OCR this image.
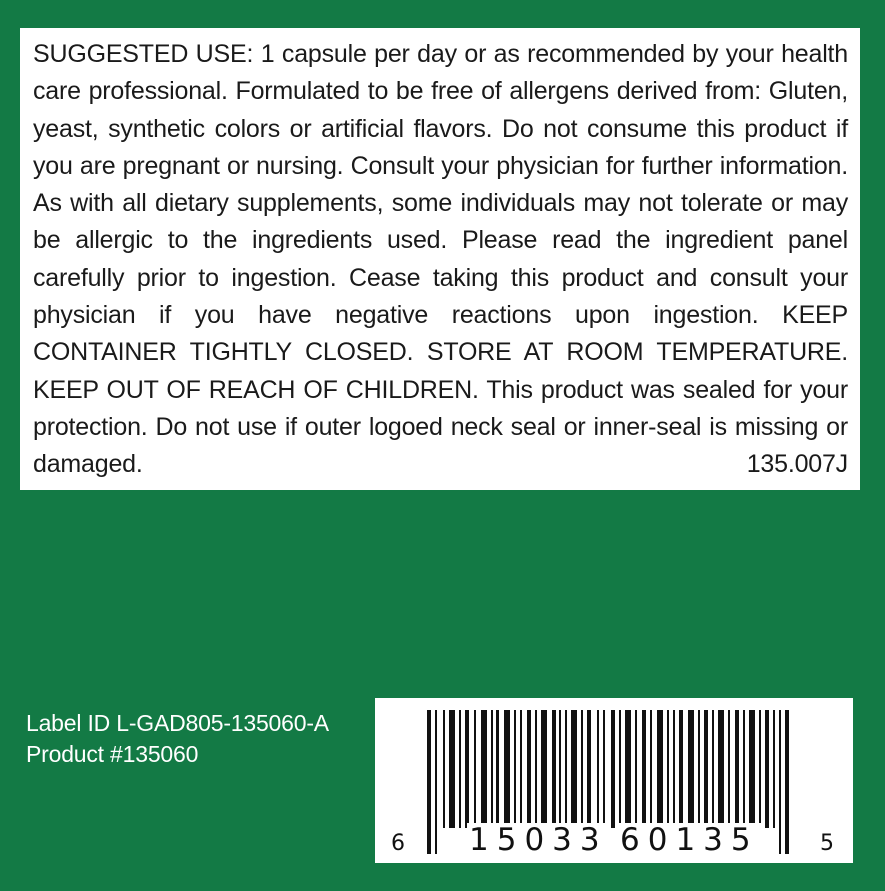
SUGGESTED USE: 1 capsule per day or as recommended by your health care professional. Formulated to be free of allergens derived from: Gluten, yeast, synthetic colors or artificial flavors. Do not consume this product if you are pregnant or nursing. Consult your physician for further information. As with all dietary supplements, some individuals may not tolerate or may be allergic to the ingredients used. Please read the ingredient panel carefully prior to ingestion. Cease taking this product and consult your physician if you have negative reactions upon ingestion. KEEP CONTAINER TIGHTLY CLOSED. STORE AT ROOM TEMPERATURE. KEEP OUT OF REACH OF CHILDREN. This product was sealed for your protection. Do not use if outer logoed neck seal or inner-seal is missing or damaged.	135.007J

Label ID L-GAD805-135060-A
Product #135060
6 15033 60135	5
